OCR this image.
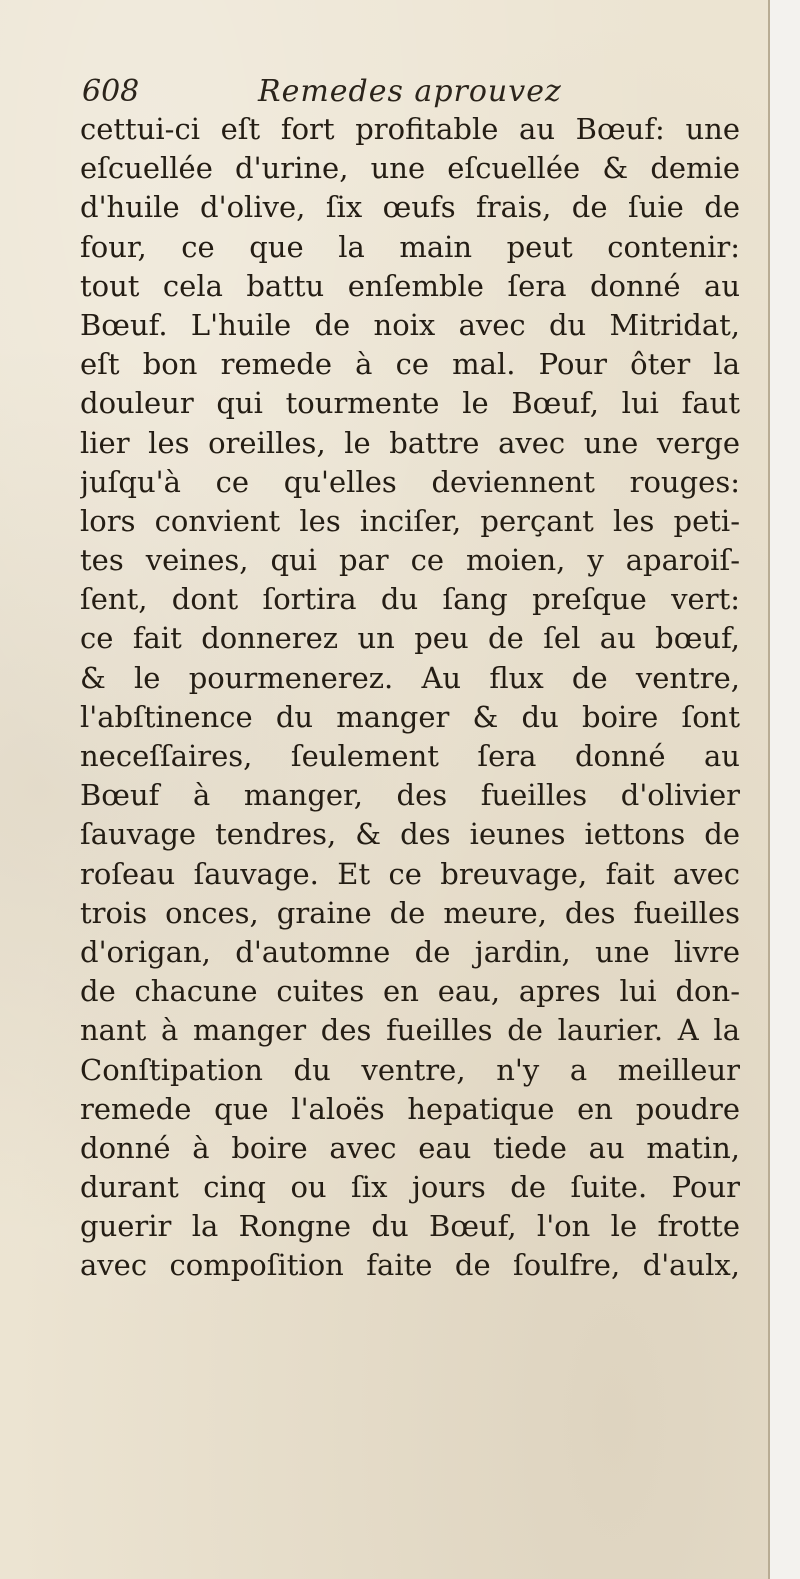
608	Remedes aprouvez
cettui-ci eſt fort profitable au Bœuf: une
eſcuellée d'urine, une eſcuellée & demie
d'huile d'olive, ſix œufs frais, de ſuie de
four, ce que la main peut contenir:
tout cela battu enſemble ſera donné au
Bœuf. L'huile de noix avec du Mitridat,
eſt bon remede à ce mal. Pour ôter la
douleur qui tourmente le Bœuf, lui faut
lier les oreilles, le battre avec une verge
juſqu'à ce qu'elles deviennent rouges:
lors convient les inciſer, perçant les peti-
tes veines, qui par ce moien, y aparoiſ-
ſent, dont ſortira du ſang preſque vert:
ce fait donnerez un peu de ſel au bœuf,
& le pourmenerez. Au flux de ventre,
l'abſtinence du manger & du boire ſont
neceſſaires, ſeulement ſera donné au
Bœuf à manger, des fueilles d'olivier
ſauvage tendres, & des ieunes iettons de
roſeau ſauvage. Et ce breuvage, fait avec
trois onces, graine de meure, des fueilles
d'origan, d'automne de jardin, une livre
de chacune cuites en eau, apres lui don-
nant à manger des fueilles de laurier. A la
Conſtipation du ventre, n'y a meilleur
remede que l'aloës hepatique en poudre
donné à boire avec eau tiede au matin,
durant cinq ou ſix jours de ſuite. Pour
guerir la Rongne du Bœuf, l'on le frotte
avec compoſition faite de ſoulfre, d'aulx,
